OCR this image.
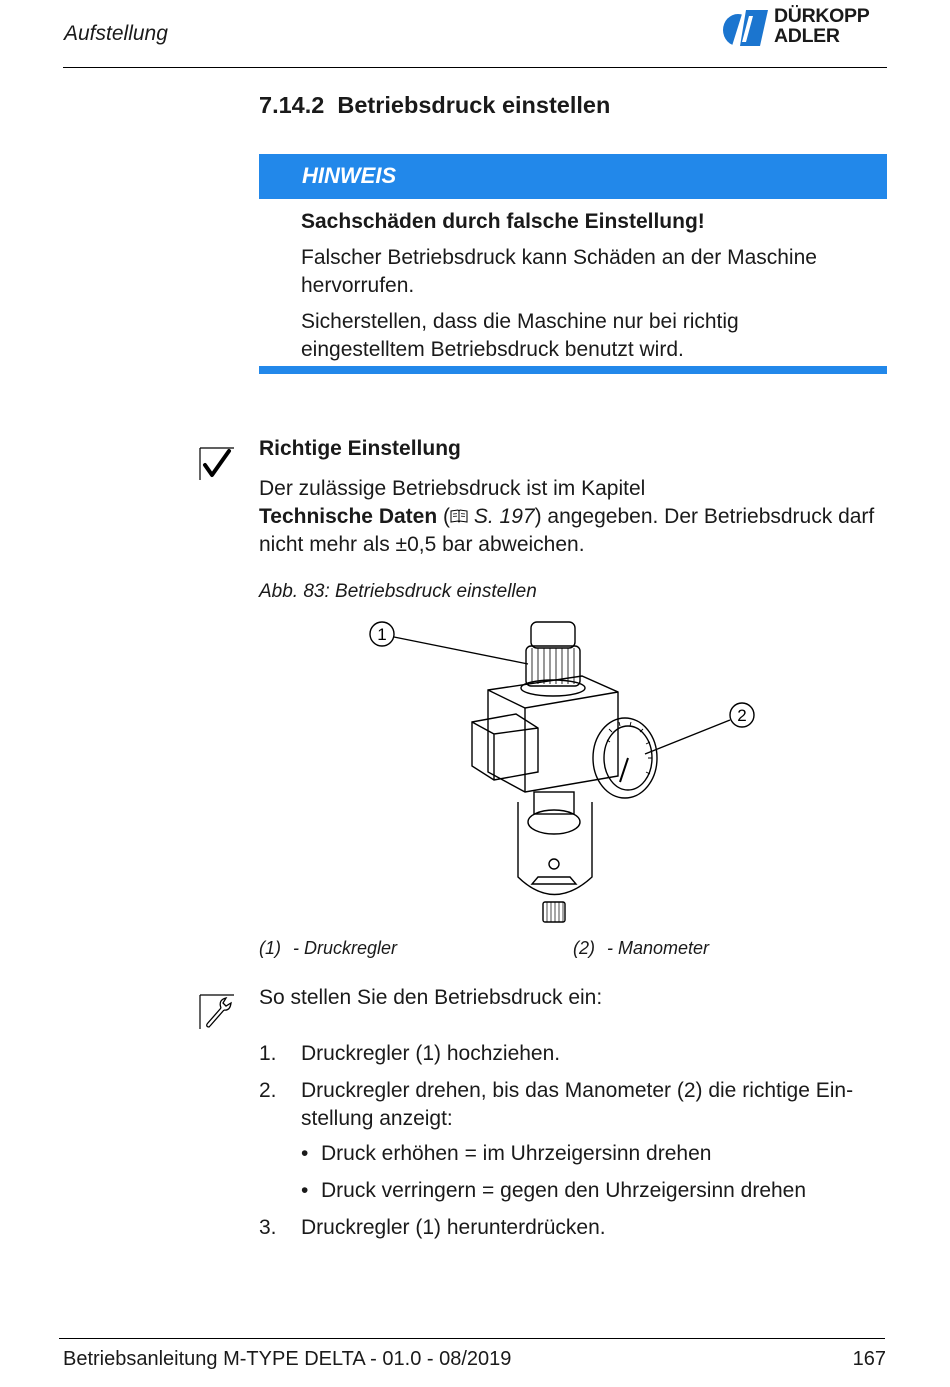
Aufstellung
DÜRKOPP
ADLER
7.14.2  Betriebsdruck einstellen
HINWEIS

Sachschäden durch falsche Einstellung!

Falscher Betriebsdruck kann Schäden an der Maschine hervorrufen.

Sicherstellen, dass die Maschine nur bei richtig eingestelltem Betriebsdruck benutzt wird.

Richtige Einstellung
Der zulässige Betriebsdruck ist im Kapitel
Technische Daten ( S. 197) angegeben. Der Betriebsdruck darf nicht mehr als ±0,5 bar abweichen.
Abb. 83: Betriebsdruck einstellen
1
2
(1) - Druckregler	(2) - Manometer
So stellen Sie den Betriebsdruck ein:
1. Druckregler (1) hochziehen.
2. Druckregler drehen, bis das Manometer (2) die richtige Ein- stellung anzeigt:
• Druck erhöhen = im Uhrzeigersinn drehen
• Druck verringern = gegen den Uhrzeigersinn drehen
3. Druckregler (1) herunterdrücken.
Betriebsanleitung M-TYPE DELTA - 01.0 - 08/2019	167
